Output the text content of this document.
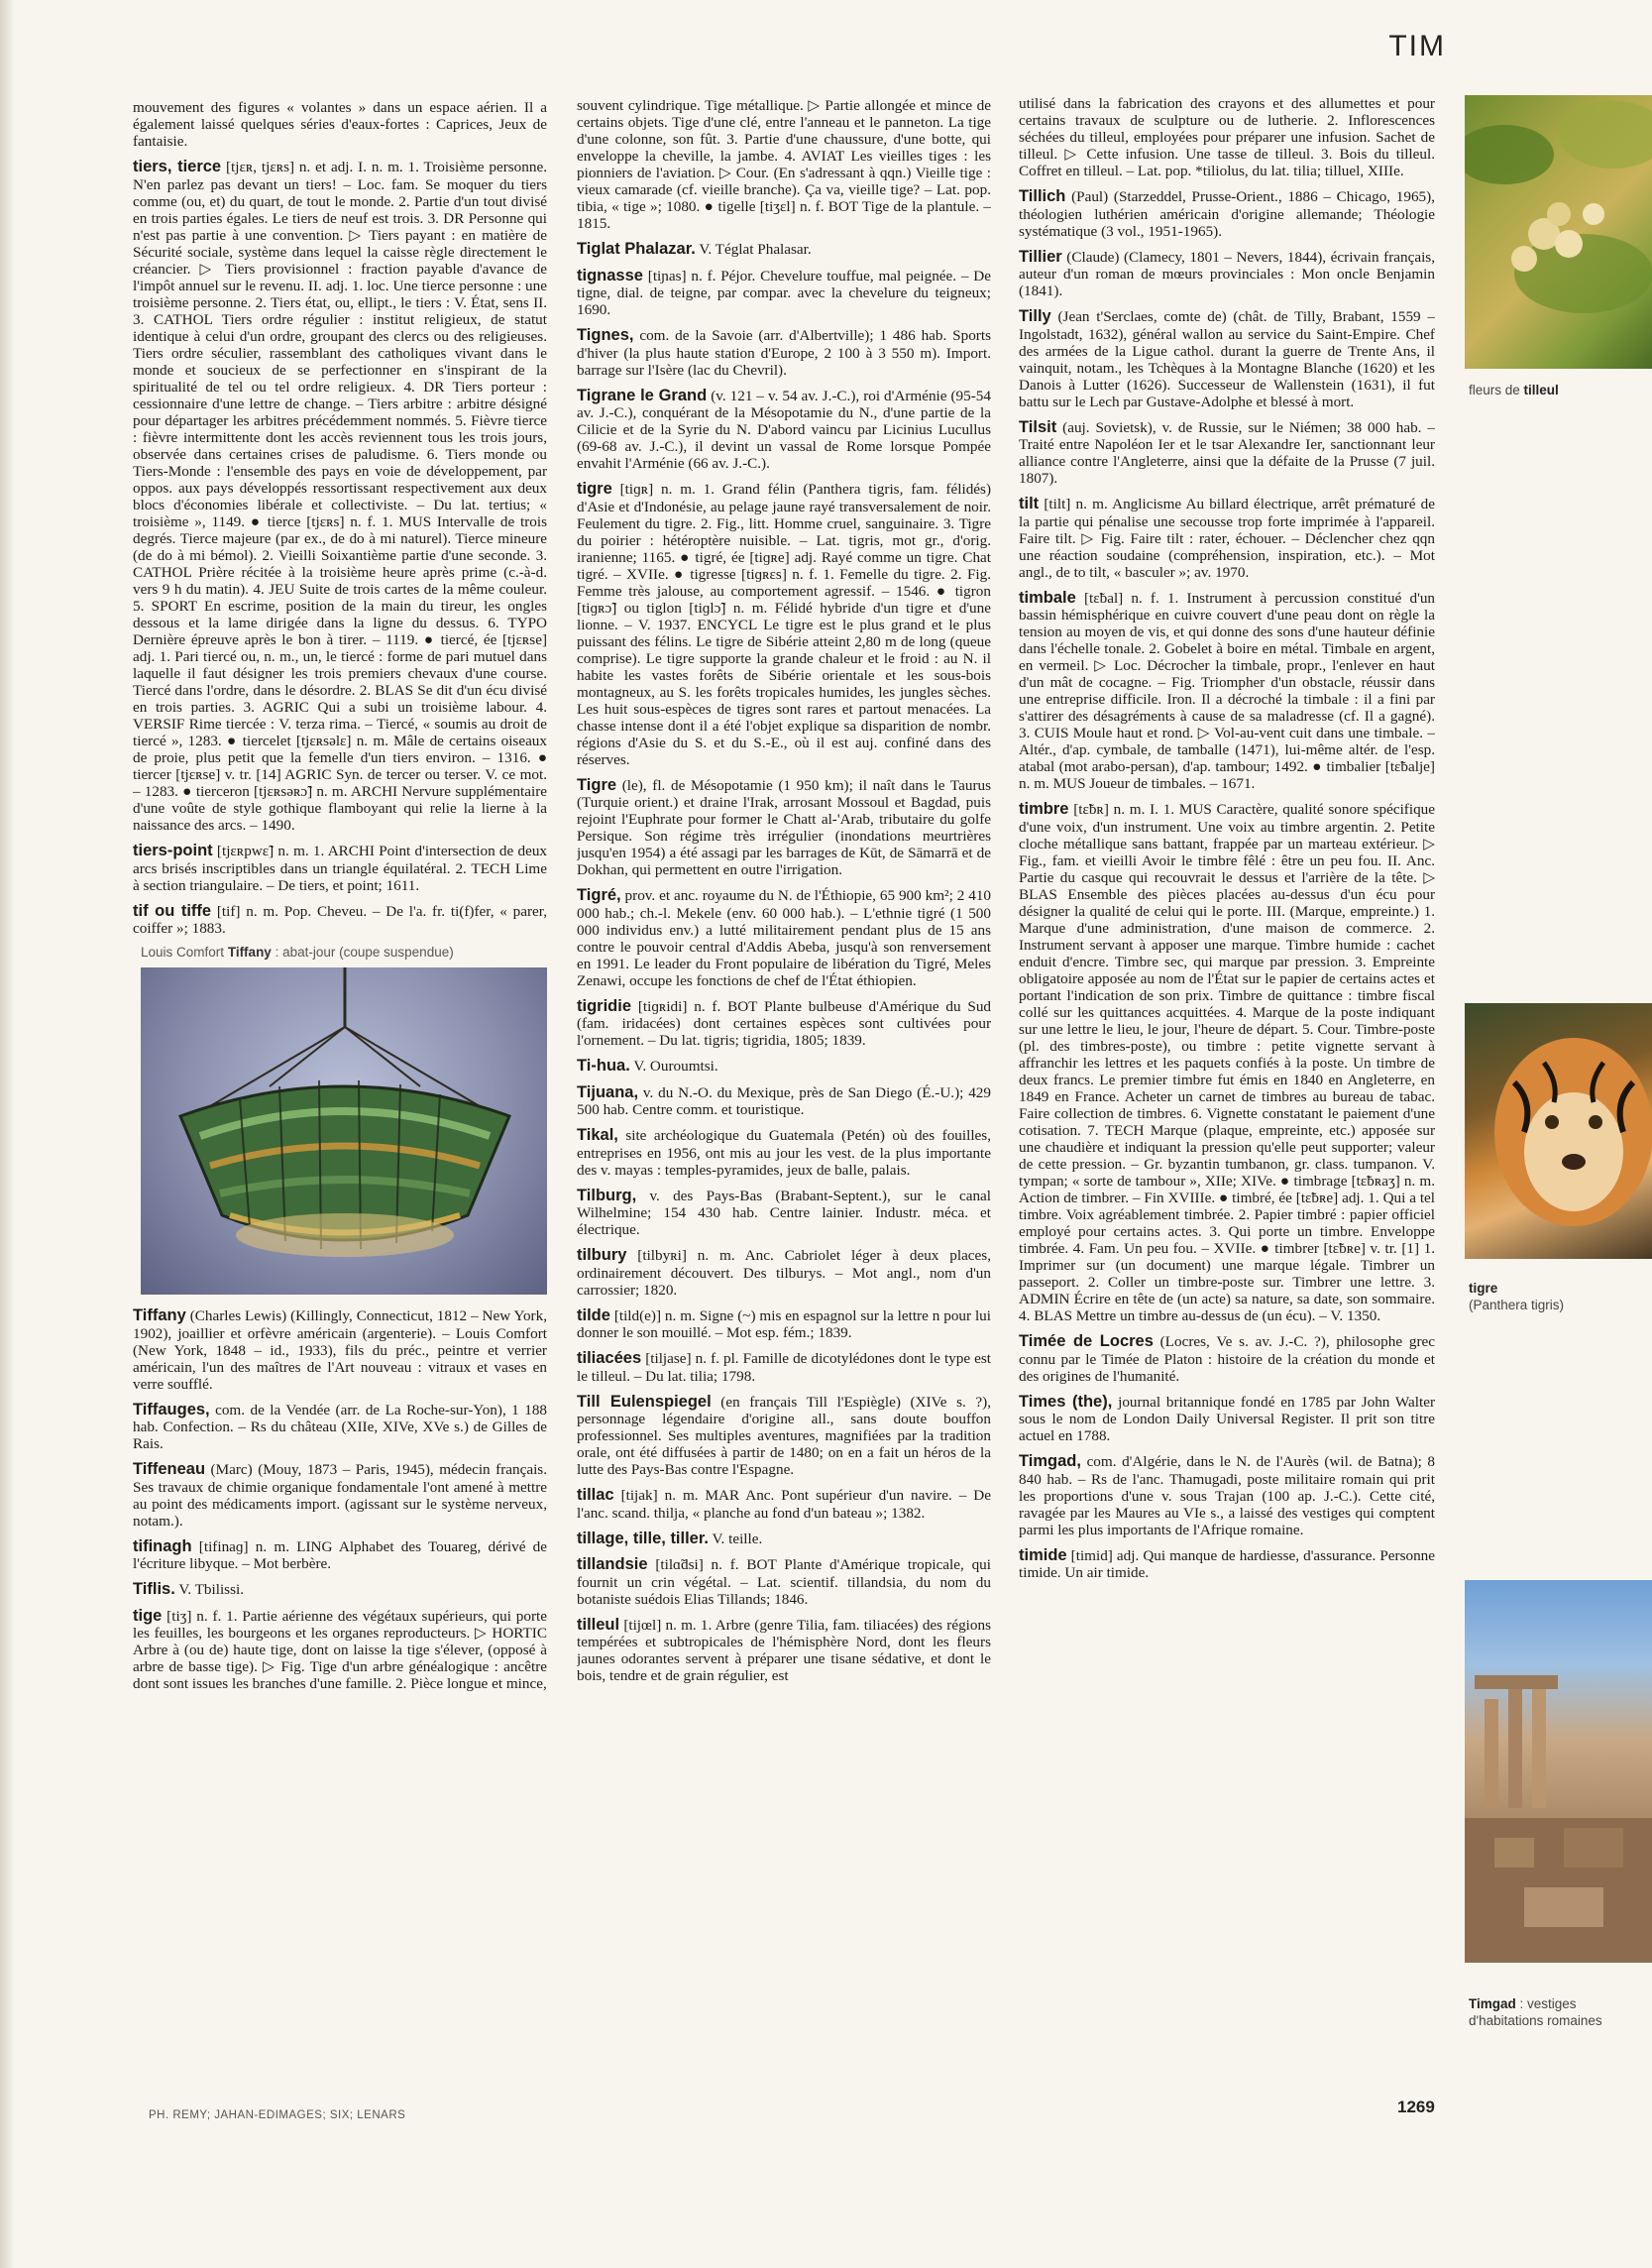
TIM

mouvement des figures « volantes » dans un espace aérien. Il a également laissé quelques séries d'eaux-fortes : Caprices, Jeux de fantaisie.

tiers, tierce [tjɛʀ, tjɛʀs] n. et adj. I. n. m. 1. Troisième personne. N'en parlez pas devant un tiers! – Loc. fam. Se moquer du tiers comme (ou, et) du quart, de tout le monde. 2. Partie d'un tout divisé en trois parties égales. Le tiers de neuf est trois. 3. DR Personne qui n'est pas partie à une convention. ▷ Tiers payant : en matière de Sécurité sociale, système dans lequel la caisse règle directement le créancier. ▷ Tiers provisionnel : fraction payable d'avance de l'impôt annuel sur le revenu. II. adj. 1. loc. Une tierce personne : une troisième personne. 2. Tiers état, ou, ellipt., le tiers : V. État, sens II. 3. CATHOL Tiers ordre régulier : institut religieux, de statut identique à celui d'un ordre, groupant des clercs ou des religieuses. Tiers ordre séculier, rassemblant des catholiques vivant dans le monde et soucieux de se perfectionner en s'inspirant de la spiritualité de tel ou tel ordre religieux. 4. DR Tiers porteur : cessionnaire d'une lettre de change. – Tiers arbitre : arbitre désigné pour départager les arbitres précédemment nommés. 5. Fièvre tierce : fièvre intermittente dont les accès reviennent tous les trois jours, observée dans certaines crises de paludisme. 6. Tiers monde ou Tiers-Monde : l'ensemble des pays en voie de développement, par oppos. aux pays développés ressortissant respectivement aux deux blocs d'économies libérale et collectiviste. – Du lat. tertius; « troisième », 1149. ● tierce [tjɛʀs] n. f. 1. MUS Intervalle de trois degrés. Tierce majeure (par ex., de do à mi naturel). Tierce mineure (de do à mi bémol). 2. Vieilli Soixantième partie d'une seconde. 3. CATHOL Prière récitée à la troisième heure après prime (c.-à-d. vers 9 h du matin). 4. JEU Suite de trois cartes de la même couleur. 5. SPORT En escrime, position de la main du tireur, les ongles dessous et la lame dirigée dans la ligne du dessus. 6. TYPO Dernière épreuve après le bon à tirer. – 1119. ● tiercé, ée [tjɛʀse] adj. 1. Pari tiercé ou, n. m., un, le tiercé : forme de pari mutuel dans laquelle il faut désigner les trois premiers chevaux d'une course. Tiercé dans l'ordre, dans le désordre. 2. BLAS Se dit d'un écu divisé en trois parties. 3. AGRIC Qui a subi un troisième labour. 4. VERSIF Rime tiercée : V. terza rima. – Tiercé, « soumis au droit de tiercé », 1283. ● tiercelet [tjɛʀsəlɛ] n. m. Mâle de certains oiseaux de proie, plus petit que la femelle d'un tiers environ. – 1316. ● tiercer [tjɛʀse] v. tr. [14] AGRIC Syn. de tercer ou terser. V. ce mot. – 1283. ● tierceron [tjɛʀsəʀɔ̃] n. m. ARCHI Nervure supplémentaire d'une voûte de style gothique flamboyant qui relie la lierne à la naissance des arcs. – 1490.

tiers-point [tjɛʀpwɛ̃] n. m. 1. ARCHI Point d'intersection de deux arcs brisés inscriptibles dans un triangle équilatéral. 2. TECH Lime à section triangulaire. – De tiers, et point; 1611.

tif ou tiffe [tif] n. m. Pop. Cheveu. – De l'a. fr. ti(f)fer, « parer, coiffer »; 1883.

Louis Comfort Tiffany : abat-jour (coupe suspendue)

Tiffany (Charles Lewis) (Killingly, Connecticut, 1812 – New York, 1902), joaillier et orfèvre américain (argenterie). – Louis Comfort (New York, 1848 – id., 1933), fils du préc., peintre et verrier américain, l'un des maîtres de l'Art nouveau : vitraux et vases en verre soufflé.

Tiffauges, com. de la Vendée (arr. de La Roche-sur-Yon), 1 188 hab. Confection. – Rs du château (XIIe, XIVe, XVe s.) de Gilles de Rais.

Tiffeneau (Marc) (Mouy, 1873 – Paris, 1945), médecin français. Ses travaux de chimie organique fondamentale l'ont amené à mettre au point des médicaments import. (agissant sur le système nerveux, notam.).

tifinagh [tifinaɡ] n. m. LING Alphabet des Touareg, dérivé de l'écriture libyque. – Mot berbère.

Tiflis. V. Tbilissi.

tige [tiʒ] n. f. 1. Partie aérienne des végétaux supérieurs, qui porte les feuilles, les bourgeons et les organes reproducteurs. ▷ HORTIC Arbre à (ou de) haute tige, dont on laisse la tige s'élever, (opposé à arbre de basse tige). ▷ Fig. Tige d'un arbre généalogique : ancêtre dont sont issues les branches d'une famille. 2. Pièce longue et mince,

souvent cylindrique. Tige métallique. ▷ Partie allongée et mince de certains objets. Tige d'une clé, entre l'anneau et le panneton. La tige d'une colonne, son fût. 3. Partie d'une chaussure, d'une botte, qui enveloppe la cheville, la jambe. 4. AVIAT Les vieilles tiges : les pionniers de l'aviation. ▷ Cour. (En s'adressant à qqn.) Vieille tige : vieux camarade (cf. vieille branche). Ça va, vieille tige? – Lat. pop. tibia, « tige »; 1080. ● tigelle [tiʒɛl] n. f. BOT Tige de la plantule. – 1815.

Tiglat Phalazar. V. Téglat Phalasar.

tignasse [tiɲas] n. f. Péjor. Chevelure touffue, mal peignée. – De tigne, dial. de teigne, par compar. avec la chevelure du teigneux; 1690.

Tignes, com. de la Savoie (arr. d'Albertville); 1 486 hab. Sports d'hiver (la plus haute station d'Europe, 2 100 à 3 550 m). Import. barrage sur l'Isère (lac du Chevril).

Tigrane le Grand (v. 121 – v. 54 av. J.-C.), roi d'Arménie (95-54 av. J.-C.), conquérant de la Mésopotamie du N., d'une partie de la Cilicie et de la Syrie du N. D'abord vaincu par Licinius Lucullus (69-68 av. J.-C.), il devint un vassal de Rome lorsque Pompée envahit l'Arménie (66 av. J.-C.).

tigre [tiɡʀ] n. m. 1. Grand félin (Panthera tigris, fam. félidés) d'Asie et d'Indonésie, au pelage jaune rayé transversalement de noir. Feulement du tigre. 2. Fig., litt. Homme cruel, sanguinaire. 3. Tigre du poirier : hétéroptère nuisible. – Lat. tigris, mot gr., d'orig. iranienne; 1165. ● tigré, ée [tiɡʀe] adj. Rayé comme un tigre. Chat tigré. – XVIIe. ● tigresse [tiɡʀɛs] n. f. 1. Femelle du tigre. 2. Fig. Femme très jalouse, au comportement agressif. – 1546. ● tigron [tiɡʀɔ̃] ou tiglon [tiɡlɔ̃] n. m. Félidé hybride d'un tigre et d'une lionne. – V. 1937. ENCYCL Le tigre est le plus grand et le plus puissant des félins. Le tigre de Sibérie atteint 2,80 m de long (queue comprise). Le tigre supporte la grande chaleur et le froid : au N. il habite les vastes forêts de Sibérie orientale et les sous-bois montagneux, au S. les forêts tropicales humides, les jungles sèches. Les huit sous-espèces de tigres sont rares et partout menacées. La chasse intense dont il a été l'objet explique sa disparition de nombr. régions d'Asie du S. et du S.-E., où il est auj. confiné dans des réserves.

Tigre (le), fl. de Mésopotamie (1 950 km); il naît dans le Taurus (Turquie orient.) et draine l'Irak, arrosant Mossoul et Bagdad, puis rejoint l'Euphrate pour former le Chatt al-'Arab, tributaire du golfe Persique. Son régime très irrégulier (inondations meurtrières jusqu'en 1954) a été assagi par les barrages de Kūt, de Sāmarrā et de Dokhan, qui permettent en outre l'irrigation.

Tigré, prov. et anc. royaume du N. de l'Éthiopie, 65 900 km²; 2 410 000 hab.; ch.-l. Mekele (env. 60 000 hab.). – L'ethnie tigré (1 500 000 individus env.) a lutté militairement pendant plus de 15 ans contre le pouvoir central d'Addis Abeba, jusqu'à son renversement en 1991. Le leader du Front populaire de libération du Tigré, Meles Zenawi, occupe les fonctions de chef de l'État éthiopien.

tigridie [tiɡʀidi] n. f. BOT Plante bulbeuse d'Amérique du Sud (fam. iridacées) dont certaines espèces sont cultivées pour l'ornement. – Du lat. tigris; tigridia, 1805; 1839.

Ti-hua. V. Ouroumtsi.

Tijuana, v. du N.-O. du Mexique, près de San Diego (É.-U.); 429 500 hab. Centre comm. et touristique.

Tikal, site archéologique du Guatemala (Petén) où des fouilles, entreprises en 1956, ont mis au jour les vest. de la plus importante des v. mayas : temples-pyramides, jeux de balle, palais.

Tilburg, v. des Pays-Bas (Brabant-Septent.), sur le canal Wilhelmine; 154 430 hab. Centre lainier. Industr. méca. et électrique.

tilbury [tilbyʀi] n. m. Anc. Cabriolet léger à deux places, ordinairement découvert. Des tilburys. – Mot angl., nom d'un carrossier; 1820.

tilde [tild(e)] n. m. Signe (~) mis en espagnol sur la lettre n pour lui donner le son mouillé. – Mot esp. fém.; 1839.

tiliacées [tiljase] n. f. pl. Famille de dicotylédones dont le type est le tilleul. – Du lat. tilia; 1798.

Till Eulenspiegel (en français Till l'Espiègle) (XIVe s. ?), personnage légendaire d'origine all., sans doute bouffon professionnel. Ses multiples aventures, magnifiées par la tradition orale, ont été diffusées à partir de 1480; on en a fait un héros de la lutte des Pays-Bas contre l'Espagne.

tillac [tijak] n. m. MAR Anc. Pont supérieur d'un navire. – De l'anc. scand. thilja, « planche au fond d'un bateau »; 1382.

tillage, tille, tiller. V. teille.

tillandsie [tilɑ̃dsi] n. f. BOT Plante d'Amérique tropicale, qui fournit un crin végétal. – Lat. scientif. tillandsia, du nom du botaniste suédois Elias Tillands; 1846.

tilleul [tijœl] n. m. 1. Arbre (genre Tilia, fam. tiliacées) des régions tempérées et subtropicales de l'hémisphère Nord, dont les fleurs jaunes odorantes servent à préparer une tisane sédative, et dont le bois, tendre et de grain régulier, est

utilisé dans la fabrication des crayons et des allumettes et pour certains travaux de sculpture ou de lutherie. 2. Inflorescences séchées du tilleul, employées pour préparer une infusion. Sachet de tilleul. ▷ Cette infusion. Une tasse de tilleul. 3. Bois du tilleul. Coffret en tilleul. – Lat. pop. *tiliolus, du lat. tilia; tilluel, XIIIe.

Tillich (Paul) (Starzeddel, Prusse-Orient., 1886 – Chicago, 1965), théologien luthérien américain d'origine allemande; Théologie systématique (3 vol., 1951-1965).

Tillier (Claude) (Clamecy, 1801 – Nevers, 1844), écrivain français, auteur d'un roman de mœurs provinciales : Mon oncle Benjamin (1841).

Tilly (Jean t'Serclaes, comte de) (chât. de Tilly, Brabant, 1559 – Ingolstadt, 1632), général wallon au service du Saint-Empire. Chef des armées de la Ligue cathol. durant la guerre de Trente Ans, il vainquit, notam., les Tchèques à la Montagne Blanche (1620) et les Danois à Lutter (1626). Successeur de Wallenstein (1631), il fut battu sur le Lech par Gustave-Adolphe et blessé à mort.

Tilsit (auj. Sovietsk), v. de Russie, sur le Niémen; 38 000 hab. – Traité entre Napoléon Ier et le tsar Alexandre Ier, sanctionnant leur alliance contre l'Angleterre, ainsi que la défaite de la Prusse (7 juil. 1807).

tilt [tilt] n. m. Anglicisme Au billard électrique, arrêt prématuré de la partie qui pénalise une secousse trop forte imprimée à l'appareil. Faire tilt. ▷ Fig. Faire tilt : rater, échouer. – Déclencher chez qqn une réaction soudaine (compréhension, inspiration, etc.). – Mot angl., de to tilt, « basculer »; av. 1970.

timbale [tɛ̃bal] n. f. 1. Instrument à percussion constitué d'un bassin hémisphérique en cuivre couvert d'une peau dont on règle la tension au moyen de vis, et qui donne des sons d'une hauteur définie dans l'échelle tonale. 2. Gobelet à boire en métal. Timbale en argent, en vermeil. ▷ Loc. Décrocher la timbale, propr., l'enlever en haut d'un mât de cocagne. – Fig. Triompher d'un obstacle, réussir dans une entreprise difficile. Iron. Il a décroché la timbale : il a fini par s'attirer des désagréments à cause de sa maladresse (cf. Il a gagné). 3. CUIS Moule haut et rond. ▷ Vol-au-vent cuit dans une timbale. – Altér., d'ap. cymbale, de tamballe (1471), lui-même altér. de l'esp. atabal (mot arabo-persan), d'ap. tambour; 1492. ● timbalier [tɛ̃balje] n. m. MUS Joueur de timbales. – 1671.

timbre [tɛ̃bʀ] n. m. I. 1. MUS Caractère, qualité sonore spécifique d'une voix, d'un instrument. Une voix au timbre argentin. 2. Petite cloche métallique sans battant, frappée par un marteau extérieur. ▷ Fig., fam. et vieilli Avoir le timbre fêlé : être un peu fou. II. Anc. Partie du casque qui recouvrait le dessus et l'arrière de la tête. ▷ BLAS Ensemble des pièces placées au-dessus d'un écu pour désigner la qualité de celui qui le porte. III. (Marque, empreinte.) 1. Marque d'une administration, d'une maison de commerce. 2. Instrument servant à apposer une marque. Timbre humide : cachet enduit d'encre. Timbre sec, qui marque par pression. 3. Empreinte obligatoire apposée au nom de l'État sur le papier de certains actes et portant l'indication de son prix. Timbre de quittance : timbre fiscal collé sur les quittances acquittées. 4. Marque de la poste indiquant sur une lettre le lieu, le jour, l'heure de départ. 5. Cour. Timbre-poste (pl. des timbres-poste), ou timbre : petite vignette servant à affranchir les lettres et les paquets confiés à la poste. Un timbre de deux francs. Le premier timbre fut émis en 1840 en Angleterre, en 1849 en France. Acheter un carnet de timbres au bureau de tabac. Faire collection de timbres. 6. Vignette constatant le paiement d'une cotisation. 7. TECH Marque (plaque, empreinte, etc.) apposée sur une chaudière et indiquant la pression qu'elle peut supporter; valeur de cette pression. – Gr. byzantin tumbanon, gr. class. tumpanon. V. tympan; « sorte de tambour », XIIe; XIVe. ● timbrage [tɛ̃bʀaʒ] n. m. Action de timbrer. – Fin XVIIIe. ● timbré, ée [tɛ̃bʀe] adj. 1. Qui a tel timbre. Voix agréablement timbrée. 2. Papier timbré : papier officiel employé pour certains actes. 3. Qui porte un timbre. Enveloppe timbrée. 4. Fam. Un peu fou. – XVIIe. ● timbrer [tɛ̃bʀe] v. tr. [1] 1. Imprimer sur (un document) une marque légale. Timbrer un passeport. 2. Coller un timbre-poste sur. Timbrer une lettre. 3. ADMIN Écrire en tête de (un acte) sa nature, sa date, son sommaire. 4. BLAS Mettre un timbre au-dessus de (un écu). – V. 1350.

Timée de Locres (Locres, Ve s. av. J.-C. ?), philosophe grec connu par le Timée de Platon : histoire de la création du monde et des origines de l'humanité.

Times (the), journal britannique fondé en 1785 par John Walter sous le nom de London Daily Universal Register. Il prit son titre actuel en 1788.

Timgad, com. d'Algérie, dans le N. de l'Aurès (wil. de Batna); 8 840 hab. – Rs de l'anc. Thamugadi, poste militaire romain qui prit les proportions d'une v. sous Trajan (100 ap. J.-C.). Cette cité, ravagée par les Maures au VIe s., a laissé des vestiges qui comptent parmi les plus importants de l'Afrique romaine.

timide [timid] adj. Qui manque de hardiesse, d'assurance. Personne timide. Un air timide.

fleurs de tilleul
tigre
(Panthera tigris)
Timgad : vestiges d'habitations romaines
PH. REMY; JAHAN-EDIMAGES; SIX; LENARS	1269
